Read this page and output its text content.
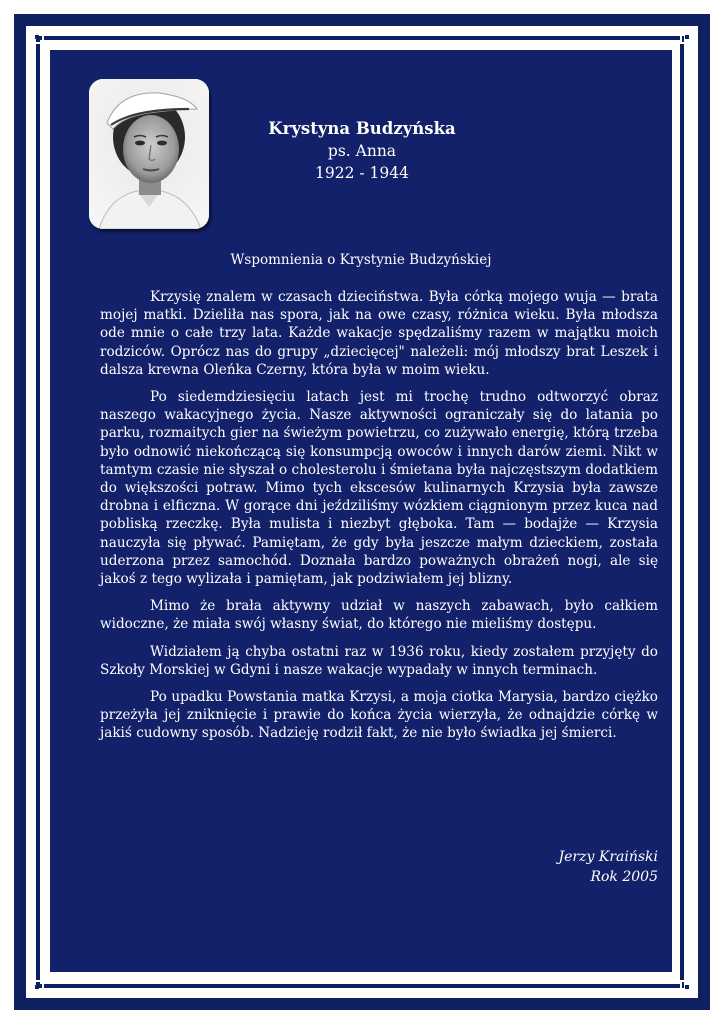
Krystyna Budzyńska
ps. Anna
1922 - 1944
Wspomnienia o Krystynie Budzyńskiej

Krzysię znalem w czasach dzieciństwa. Była córką mojego wuja — brata mojej matki. Dzieliła nas spora, jak na owe czasy, różnica wieku. Była młodsza ode mnie o całe trzy lata. Każde wakacje spędzaliśmy razem w majątku moich rodziców. Oprócz nas do grupy „dziecięcej" należeli: mój młodszy brat Leszek i dalsza krewna Oleńka Czerny, która była w moim wieku.

Po siedemdziesięciu latach jest mi trochę trudno odtworzyć obraz naszego wakacyjnego życia. Nasze aktywności ograniczały się do latania po parku, rozmaitych gier na świeżym powietrzu, co zużywało energię, którą trzeba było odnowić niekończącą się konsumpcją owoców i innych darów ziemi. Nikt w tamtym czasie nie słyszał o cholesterolu i śmietana była najczęstszym dodatkiem do większości potraw. Mimo tych ekscesów kulinarnych Krzysia była zawsze drobna i elficzna. W gorące dni jeździliśmy wózkiem ciągnionym przez kuca nad pobliską rzeczkę. Była mulista i niezbyt głęboka. Tam — bodajże — Krzysia nauczyła się pływać. Pamiętam, że gdy była jeszcze małym dzieckiem, została uderzona przez samochód. Doznała bardzo poważnych obrażeń nogi, ale się jakoś z tego wylizała i pamiętam, jak podziwiałem jej blizny.

Mimo że brała aktywny udział w naszych zabawach, było całkiem widoczne, że miała swój własny świat, do którego nie mieliśmy dostępu.

Widziałem ją chyba ostatni raz w 1936 roku, kiedy zostałem przyjęty do Szkoły Morskiej w Gdyni i nasze wakacje wypadały w innych terminach.

Po upadku Powstania matka Krzysi, a moja ciotka Marysia, bardzo ciężko przeżyła jej zniknięcie i prawie do końca życia wierzyła, że odnajdzie córkę w jakiś cudowny sposób. Nadzieję rodził fakt, że nie było świadka jej śmierci.

Jerzy Kraiński
Rok 2005
